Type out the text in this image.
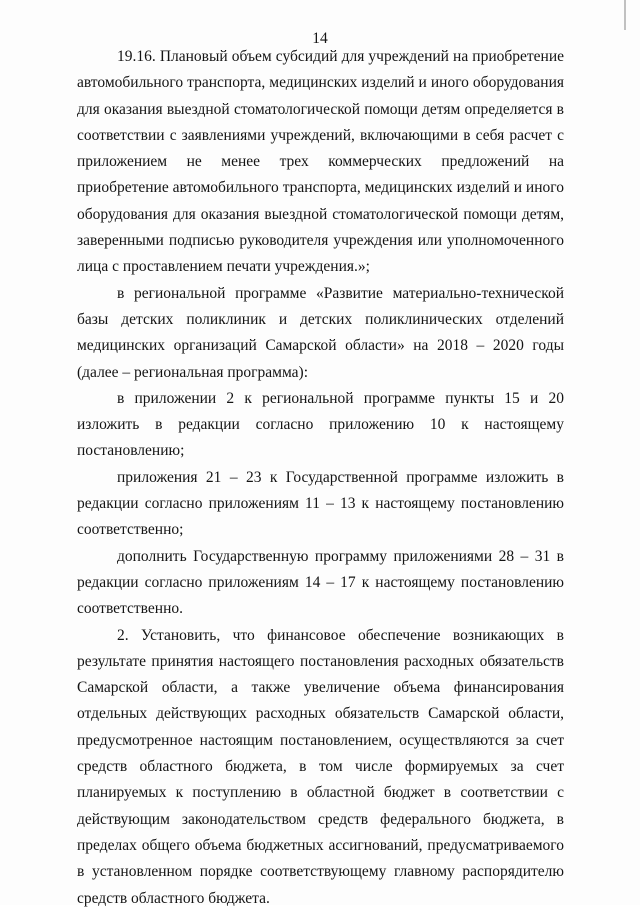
14

19.16. Плановый объем субсидий для учреждений на приобретение автомобильного транспорта, медицинских изделий и иного оборудования для оказания выездной стоматологической помощи детям определяется в соответствии с заявлениями учреждений, включающими в себя расчет с приложением не менее трех коммерческих предложений на приобретение автомобильного транспорта, медицинских изделий и иного оборудования для оказания выездной стоматологической помощи детям, заверенными подписью руководителя учреждения или уполномоченного лица с проставлением печати учреждения.»;

в региональной программе «Развитие материально-технической базы детских поликлиник и детских поликлинических отделений медицинских организаций Самарской области» на 2018 – 2020 годы (далее – региональная программа):

в приложении 2 к региональной программе пункты 15 и 20 изложить в редакции согласно приложению 10 к настоящему постановлению;

приложения 21 – 23 к Государственной программе изложить в редакции согласно приложениям 11 – 13 к настоящему постановлению соответственно;

дополнить Государственную программу приложениями 28 – 31 в редакции согласно приложениям 14 – 17 к настоящему постановлению соответственно.

2. Установить, что финансовое обеспечение возникающих в результате принятия настоящего постановления расходных обязательств Самарской области, а также увеличение объема финансирования отдельных действующих расходных обязательств Самарской области, предусмотренное настоящим постановлением, осуществляются за счет средств областного бюджета, в том числе формируемых за счет планируемых к поступлению в областной бюджет в соответствии с действующим законодательством средств федерального бюджета, в пределах общего объема бюджетных ассигнований, предусматриваемого в установленном порядке соответствующему главному распорядителю средств областного бюджета.
